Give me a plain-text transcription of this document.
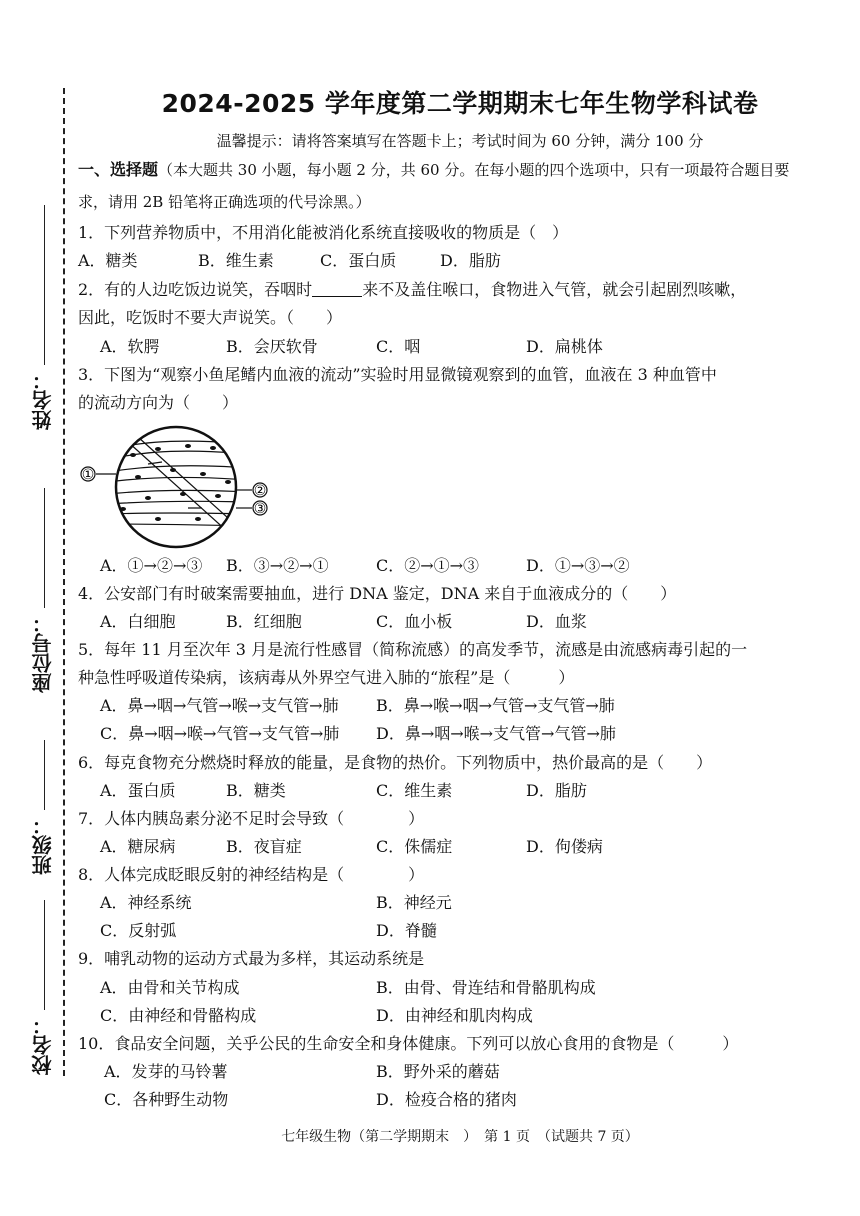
姓名：
座位号：
班级：
校名：
2024-2025 学年度第二学期期末七年生物学科试卷
温馨提示：请将答案填写在答题卡上；考试时间为 60 分钟，满分 100 分
一、选择题（本大题共 30 小题，每小题 2 分，共 60 分。在每小题的四个选项中，只有一项最符合题目要
求，请用 2B 铅笔将正确选项的代号涂黑。）
1．下列营养物质中，不用消化能被消化系统直接吸收的物质是（　）
A．糖类	B．维生素	C．蛋白质	D．脂肪
2．有的人边吃饭边说笑，吞咽时	来不及盖住喉口，食物进入气管，就会引起剧烈咳嗽，
因此，吃饭时不要大声说笑。（　　）
A．软腭	B．会厌软骨	C．咽	D．扁桃体
3．下图为“观察小鱼尾鳍内血液的流动”实验时用显微镜观察到的血管，血液在 3 种血管中
的流动方向为（　　）
①
②
③
A．①→②→③ B．③→②→①	C．②→①→③	D．①→③→②
4．公安部门有时破案需要抽血，进行 DNA 鉴定，DNA 来自于血液成分的（　　）
A．白细胞	B．红细胞	C．血小板	D．血浆
5．每年 11 月至次年 3 月是流行性感冒（简称流感）的高发季节，流感是由流感病毒引起的一
种急性呼吸道传染病，该病毒从外界空气进入肺的“旅程”是（　　　）
A．鼻→咽→气管→喉→支气管→肺 B．鼻→喉→咽→气管→支气管→肺
C．鼻→咽→喉→气管→支气管→肺 D．鼻→咽→喉→支气管→气管→肺
6．每克食物充分燃烧时释放的能量，是食物的热价。下列物质中，热价最高的是（　　）
A．蛋白质	B．糖类	C．维生素	D．脂肪
7．人体内胰岛素分泌不足时会导致（　　　　）
A．糖尿病	B．夜盲症	C．侏儒症	D．佝偻病
8．人体完成眨眼反射的神经结构是（　　　　）
A．神经系统	B．神经元
C．反射弧	D．脊髓
9．哺乳动物的运动方式最为多样，其运动系统是
A．由骨和关节构成	B．由骨、骨连结和骨骼肌构成
C．由神经和骨骼构成	D．由神经和肌肉构成
10．食品安全问题，关乎公民的生命安全和身体健康。下列可以放心食用的食物是（　　　）
A．发芽的马铃薯	B．野外采的蘑菇
C．各种野生动物	D．检疫合格的猪肉
七年级生物（第二学期期末　）　第 1 页　（试题共 7 页）
